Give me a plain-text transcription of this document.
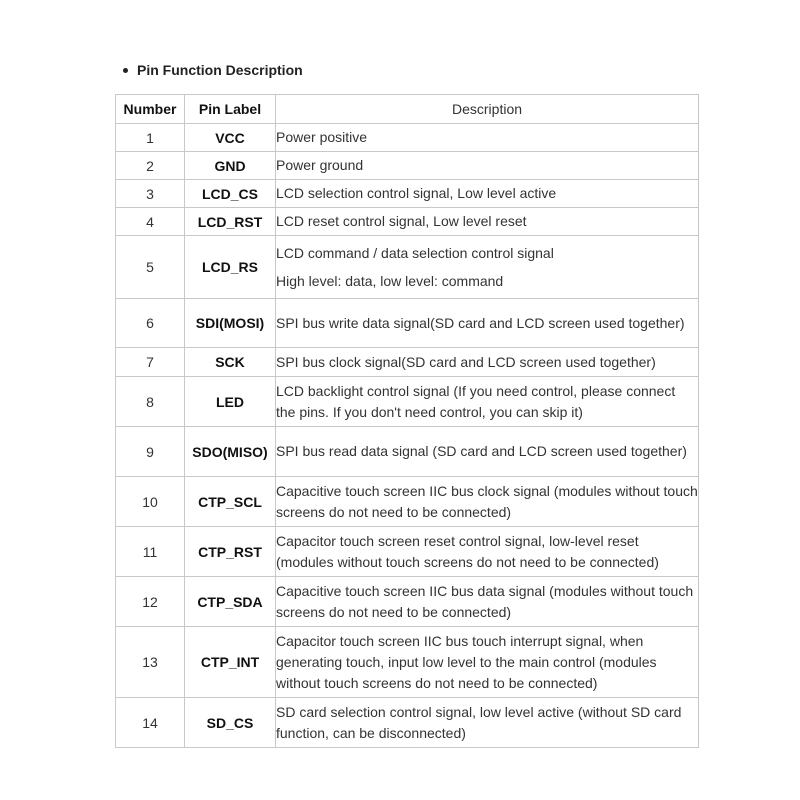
Pin Function Description
Number	Pin Label	Description
1	VCC	Power positive
2	GND	Power ground
3	LCD_CS	LCD selection control signal, Low level active
4	LCD_RST	LCD reset control signal, Low level reset
5	LCD_RS	LCD command / data selection control signal
High level: data, low level: command

6	SDI(MOSI)	SPI bus write data signal(SD card and LCD screen used together)
7	SCK	SPI bus clock signal(SD card and LCD screen used together)
8	LED	LCD backlight control signal (If you need control, please connect the pins. If you don't need control, you can skip it)
9	SDO(MISO)	SPI bus read data signal (SD card and LCD screen used together)
10	CTP_SCL	Capacitive touch screen IIC bus clock signal (modules without touch screens do not need to be connected)
11	CTP_RST	Capacitor touch screen reset control signal, low-level reset (modules without touch screens do not need to be connected)
12	CTP_SDA	Capacitive touch screen IIC bus data signal (modules without touch screens do not need to be connected)
13	CTP_INT	Capacitor touch screen IIC bus touch interrupt signal, when generating touch, input low level to the main control (modules without touch screens do not need to be connected)
14	SD_CS	SD card selection control signal, low level active (without SD card function, can be disconnected)
